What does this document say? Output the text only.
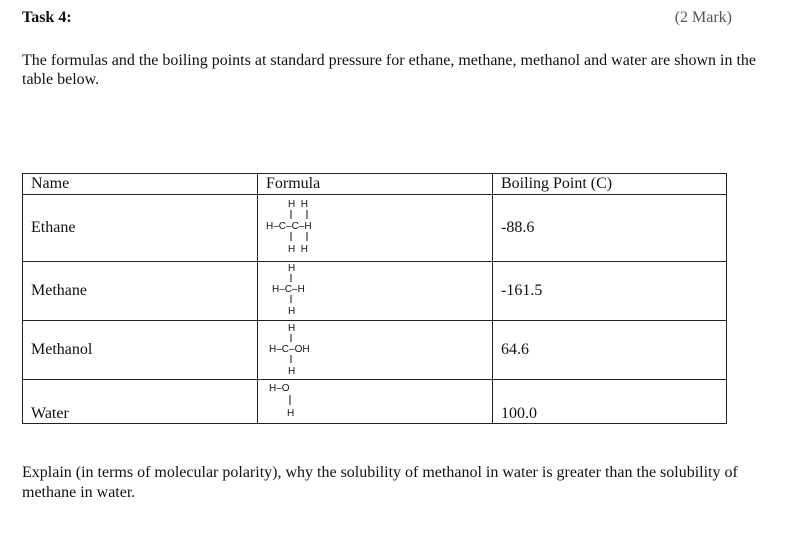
Task 4:	(2 Mark)
The formulas and the boiling points at standard pressure for ethane, methane, methanol and water are shown in the table below.
Name	Formula	Boiling Point (C)
Ethane	H  H
H–C–C–H
H  H	-88.6
Methane	H
H–C–H
H	-161.5
Methanol	H
H–C–OH
H	64.6
Water	H–O
H	100.0
Explain (in terms of molecular polarity), why the solubility of methanol in water is greater than the solubility of methane in water.
